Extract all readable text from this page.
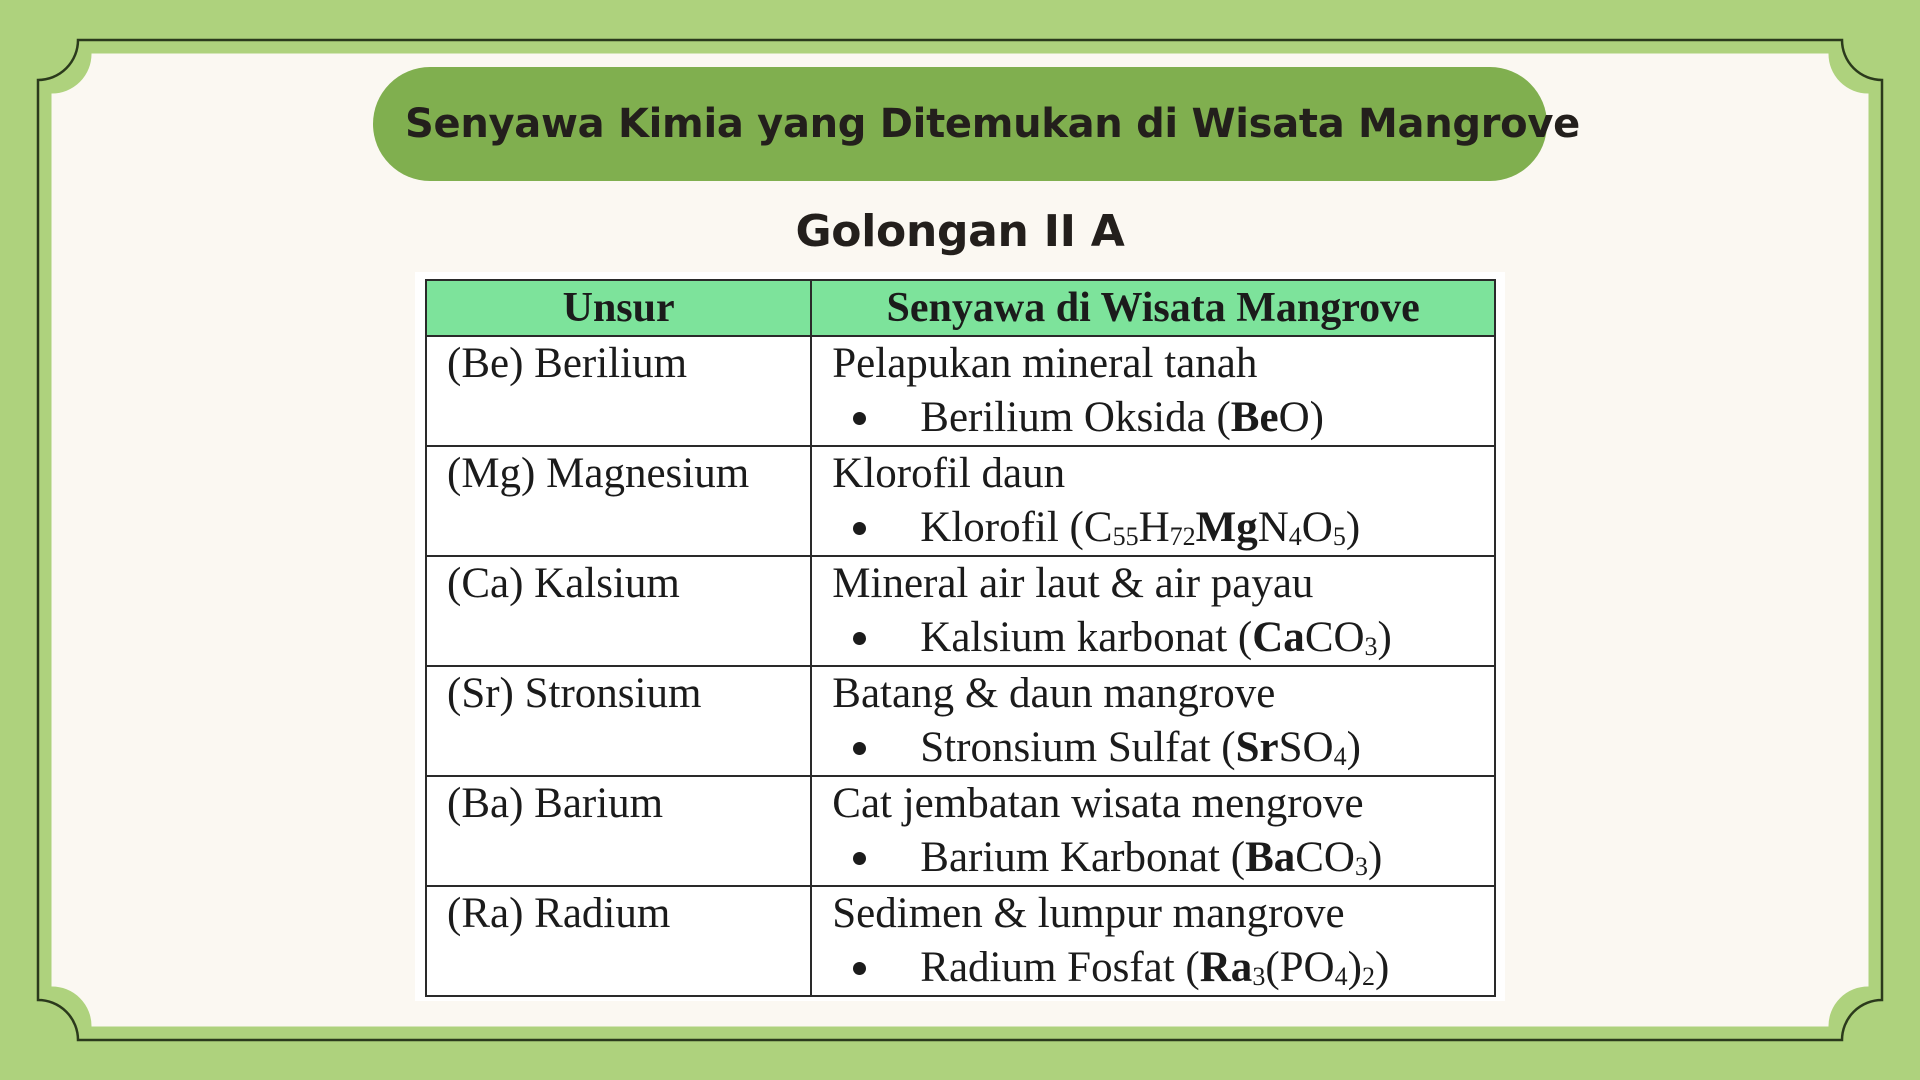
Senyawa Kimia yang Ditemukan di Wisata Mangrove
Golongan II A
Unsur	Senyawa di Wisata Mangrove
(Be) Berilium	Pelapukan mineral tanah
Berilium Oksida (BeO)

(Mg) Magnesium	Klorofil daun
Klorofil $(C_{55}H_{72}MgN_4O_5)$

(Ca) Kalsium	Mineral air laut & air payau
Kalsium karbonat (CaCO$_3$)

(Sr) Stronsium	Batang & daun mangrove
Stronsium Sulfat (SrSO$_4$)

(Ba) Barium	Cat jembatan wisata mengrove
Barium Karbonat (BaCO$_3$)

(Ra) Radium	Sedimen & lumpur mangrove
Radium Fosfat $(Ra_3(PO_4)_2)$
